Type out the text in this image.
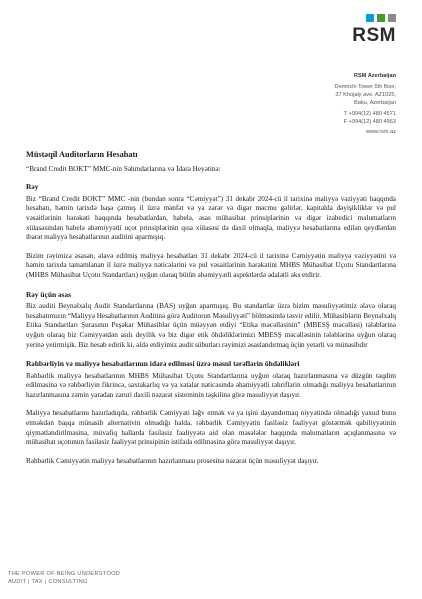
RSM
RSM Azerbaijan
Demirchi Tower 5th floor,
37 Khojaly ave. AZ1025,
Baku, Azerbaijan
T +994(12) 480 4571
F +994(12) 480 4563
www.rsm.az
Müstəqil Auditorların Hesabatı

“Brand Credit BOKT” MMC-nin Səhmdarlarına və İdarə Heyətinə:

Rəy

Biz “Brand Credit BOKT” MMC -nin (bundan sonra “Cəmiyyət”) 31 dekabr 2024-cü il tarixinə maliyyə vəziyyəti haqqında hesabatı, həmin tarixdə başa çatmış il üzrə mənfət və ya zərər və digər məcmu gəlirlər, kapitalda dəyişikliklər və pul vəsaitlərinin hərəkəti haqqında hesabatlardan, habelə, əsas mühasibat prinsiplərinin və digər izahedici məlumatların xülasəsindən habelə əhəmiyyətli uçot prinsiplərinin qısa xülasəsi də daxil olmaqla, maliyyə hesabatlarına edilən qeydlərdən ibarət maliyyə hesabatlarının auditini aparmışıq.

Bizim rəyimizə əsasən, əlavə edilmiş maliyyə hesabatları 31 dekabr 2024-cü il tarixinə Cəmiyyətin maliyyə vəziyyətini və həmin tarixdə tamamlanan il üzrə maliyyə nəticələrini və pul vəsaitlərinin hərəkətini MHBS Mühasibat Uçotu Standartlarına (MHBS Mühasibat Uçotu Standartları) uyğun olaraq bütün əhəmiyyətli aspektlərdə ədalətli əks etdirir.

Rəy üçün əsas

Biz auditi Beynəlxalq Audit Standartlarına (BAS) uyğun aparmışıq. Bu standartlar üzrə bizim məsuliyyətimiz əlavə olaraq hesabatımızın “Maliyyə Hesabatlarının Auditinə görə Auditorun Məsuliyyəti” bölməsində təsvir edilir. Mühasiblərin Beynəlxalq Etika Standartları Şurasının Peşəkar Mühasiblər üçün müəyyən etdiyi “Etika məcəlləsinin” (MBESŞ məcəlləsi) tələblərinə uyğun olaraq biz Cəmiyyətdən asılı deyilik və biz digər etik öhdəliklərimizi MBESŞ məcəlləsinin tələblərinə uyğun olaraq yerinə yetirmişik. Biz hesab edirik ki, əldə etdiyimiz audit sübutları rəyimizi əsaslandırmaq üçün yetərli və münasibdir

Rəhbərliyin və maliyyə hesabatlarının idarə edilməsi üzrə məsul tərəflərin öhdəlikləri

Rəhbərlik maliyyə hesabatlarının MHBS Mühasibat Uçotu Standartlarına uyğun olaraq hazırlanmasına və düzgün təqdim edilməsinə və rəhbərliyin fikrincə, saxtakarlıq və ya xətalar nəticəsində əhəmiyyətli təhriflərin olmadığı maliyyə hesabatlarının hazırlanmasına zəmin yaradan zəruri daxili nəzarət sisteminin təşkilinə görə məsuliyyət daşıyır.

Maliyyə hesabatlarını hazırladıqda, rəhbərlik Cəmiyyəti ləğv etmək və ya işini dayandırmaq niyyətində olmadığı yaxud bunu etməkdən başqa münasib alternativin olmadığı halda, rəhbərlik Cəmiyyətin fasiləsiz fəaliyyət göstərmək qabiliyyətinin qiymətləndirilməsinə, müvafiq hallarda fasiləsiz fəaliyyətə aid olan məsələlər haqqında məlumatların açıqlanmasına və mühasibat uçotunun fasiləsiz fəaliyyət prinsipinin istifadə edilməsinə görə məsuliyyət daşıyır.

Rəhbərlik Cəmiyyətin maliyyə hesabatlarının hazırlanması prosesinə nəzarət üçün məsuliyyət daşıyır.

THE POWER OF BEING UNDERSTOOD
AUDIT | TAX | CONSULTING
